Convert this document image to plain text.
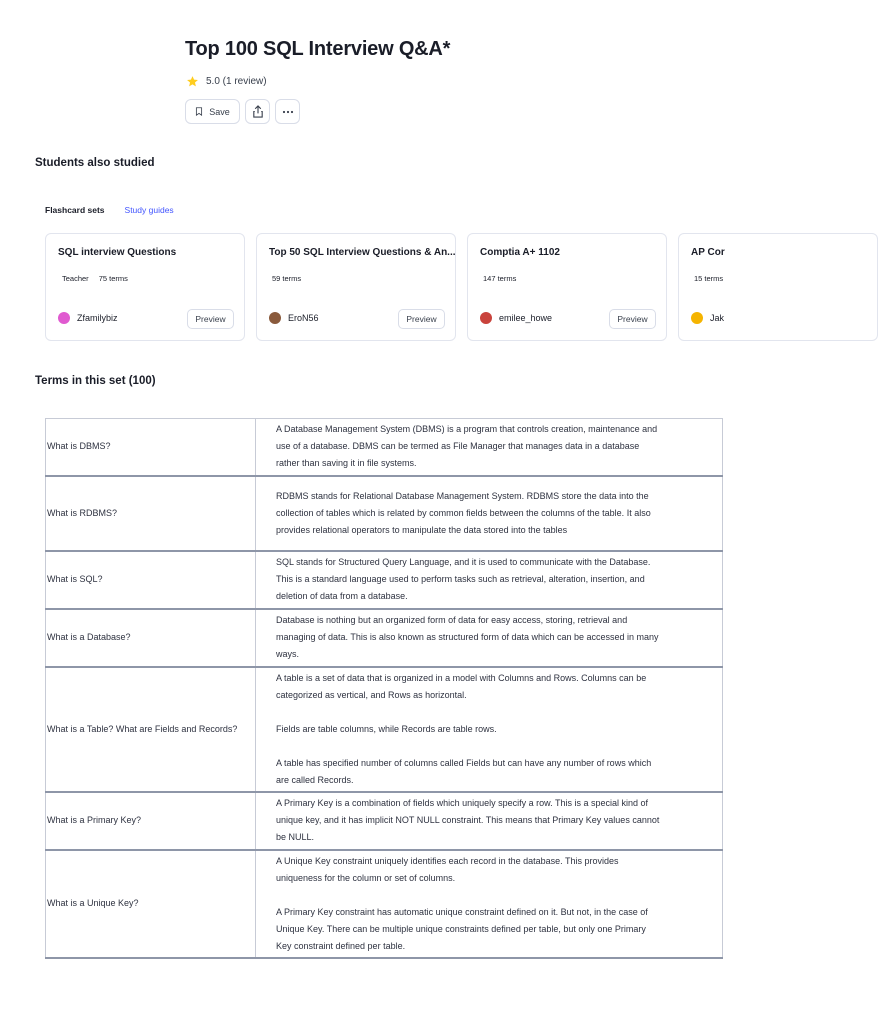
Top 100 SQL Interview Q&A*
5.0 (1 review)
Save
Students also studied
Flashcard sets Study guides
SQL interview Questions
Teacher 75 terms
Zfamilybiz	Preview
Top 50 SQL Interview Questions & An...
59 terms
EroN56	Preview
Comptia A+ 1102
147 terms
emilee_howe	Preview
AP Cor
15 terms
Jak
Terms in this set (100)
What is DBMS?	A Database Management System (DBMS) is a program that controls creation, maintenance and use of a database. DBMS can be termed as File Manager that manages data in a database rather than saving it in file systems.

What is RDBMS?	RDBMS stands for Relational Database Management System. RDBMS store the data into the collection of tables which is related by common fields between the columns of the table. It also provides relational operators to manipulate the data stored into the tables

What is SQL?	SQL stands for Structured Query Language, and it is used to communicate with the Database. This is a standard language used to perform tasks such as retrieval, alteration, insertion, and deletion of data from a database.

What is a Database?	Database is nothing but an organized form of data for easy access, storing, retrieval and managing of data. This is also known as structured form of data which can be accessed in many ways.

What is a Table? What are Fields and Records?	A table is a set of data that is organized in a model with Columns and Rows. Columns can be categorized as vertical, and Rows as horizontal.

Fields are table columns, while Records are table rows.

A table has specified number of columns called Fields but can have any number of rows which are called Records.

What is a Primary Key?	A Primary Key is a combination of fields which uniquely specify a row. This is a special kind of unique key, and it has implicit NOT NULL constraint. This means that Primary Key values cannot be NULL.

What is a Unique Key?	A Unique Key constraint uniquely identifies each record in the database. This provides uniqueness for the column or set of columns.

A Primary Key constraint has automatic unique constraint defined on it. But not, in the case of Unique Key. There can be multiple unique constraints defined per table, but only one Primary Key constraint defined per table.
